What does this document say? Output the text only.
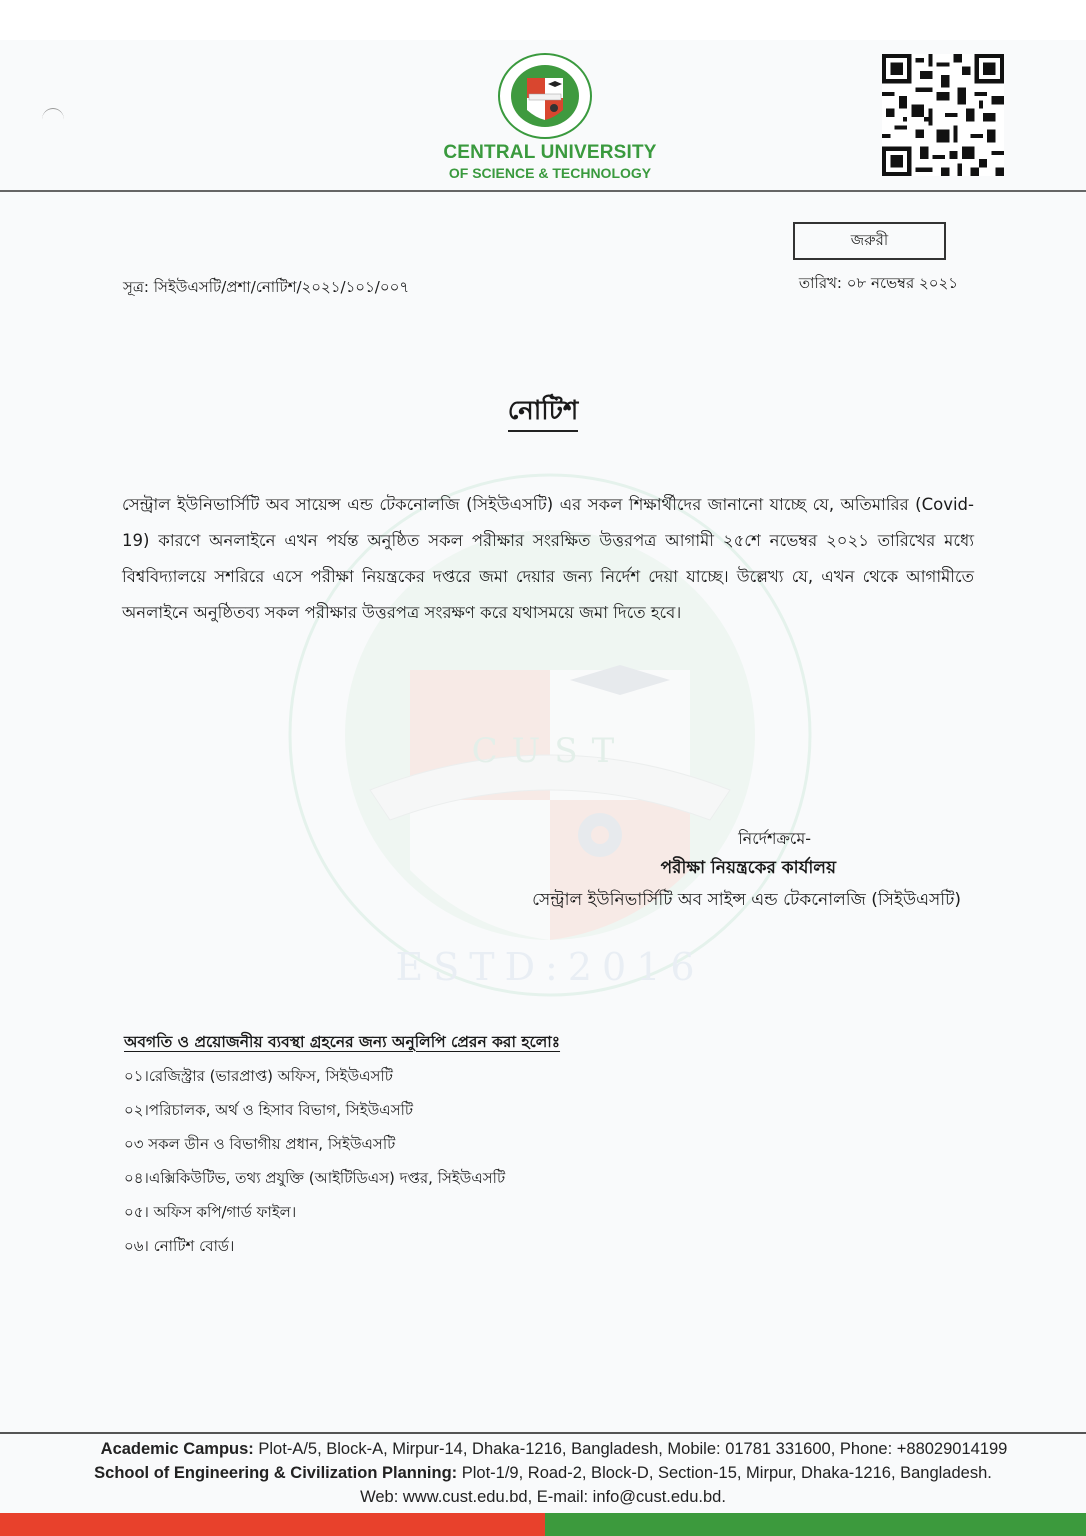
CENTRAL UNIVERSITY
OF SCIENCE & TECHNOLOGY
জরুরী
সূত্র: সিইউএসটি/প্রশা/নোটিশ/২০২১/১০১/০০৭	তারিখ: ০৮ নভেম্বর ২০২১
CUST
ESTD:2016
নোটিশ
সেন্ট্রাল ইউনিভার্সিটি অব সায়েন্স এন্ড টেকনোলজি (সিইউএসটি) এর সকল শিক্ষার্থীদের জানানো যাচ্ছে যে, অতিমারির (Covid-19) কারণে অনলাইনে এখন পর্যন্ত অনুষ্ঠিত সকল পরীক্ষার সংরক্ষিত উত্তরপত্র আগামী ২৫শে নভেম্বর ২০২১ তারিখের মধ্যে বিশ্ববিদ্যালয়ে সশরিরে এসে পরীক্ষা নিয়ন্ত্রকের দপ্তরে জমা দেয়ার জন্য নির্দেশ দেয়া যাচ্ছে। উল্লেখ্য যে, এখন থেকে আগামীতে অনলাইনে অনুষ্ঠিতব্য সকল পরীক্ষার উত্তরপত্র সংরক্ষণ করে যথাসময়ে জমা দিতে হবে।
নির্দেশক্রমে-
পরীক্ষা নিয়ন্ত্রকের কার্যালয়
সেন্ট্রাল ইউনিভার্সিটি অব সাইন্স এন্ড টেকনোলজি (সিইউএসটি)
অবগতি ও প্রয়োজনীয় ব্যবস্থা গ্রহনের জন্য অনুলিপি প্রেরন করা হলোঃ
০১।রেজিস্ট্রার (ভারপ্রাপ্ত) অফিস, সিইউএসটি
০২।পরিচালক, অর্থ ও হিসাব বিভাগ, সিইউএসটি
০৩ সকল ডীন ও বিভাগীয় প্রধান, সিইউএসটি
০৪।এক্সিকিউটিভ, তথ্য প্রযুক্তি (আইটিডিএস) দপ্তর, সিইউএসটি
০৫। অফিস কপি/গার্ড ফাইল।
০৬। নোটিশ বোর্ড।
Academic Campus: Plot-A/5, Block-A, Mirpur-14, Dhaka-1216, Bangladesh, Mobile: 01781 331600, Phone: +88029014199
School of Engineering & Civilization Planning: Plot-1/9, Road-2, Block-D, Section-15, Mirpur, Dhaka-1216, Bangladesh.
Web: www.cust.edu.bd, E-mail: info@cust.edu.bd.
